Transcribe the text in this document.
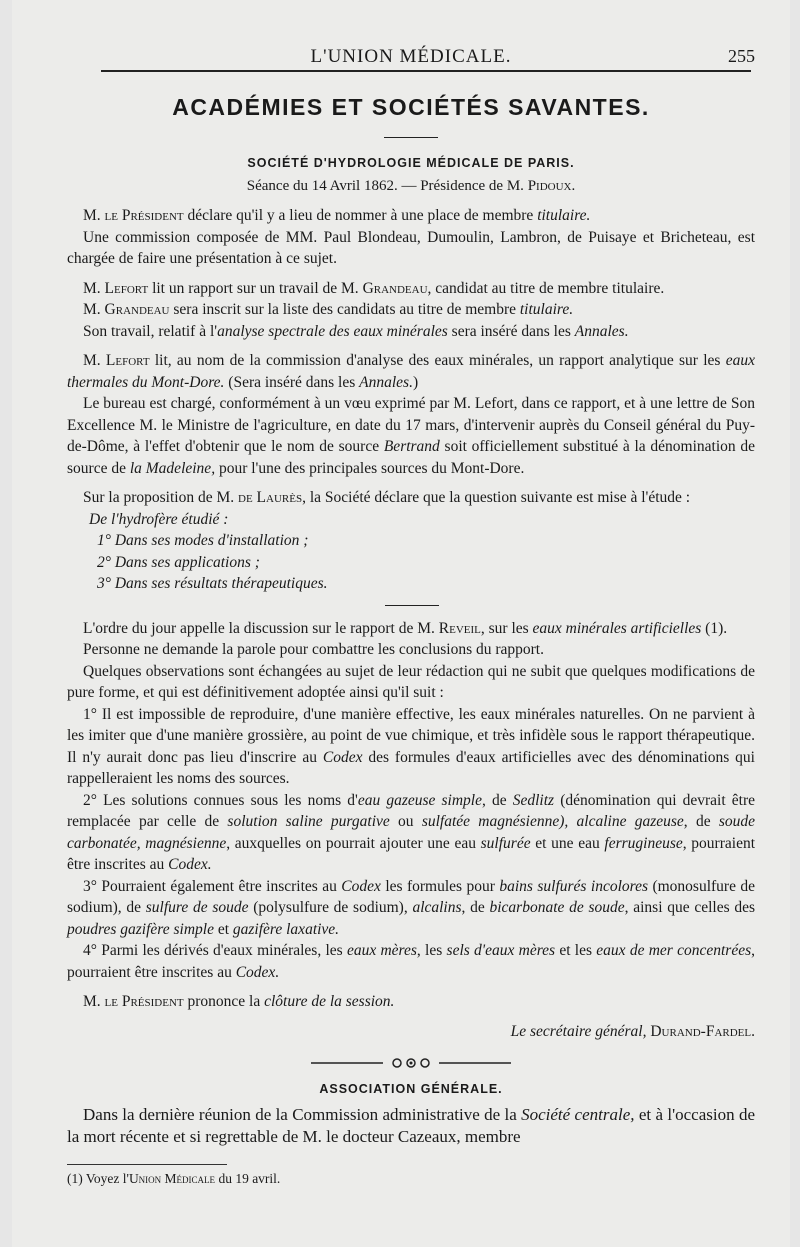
L'UNION MÉDICALE.	255
ACADÉMIES ET SOCIÉTÉS SAVANTES.
SOCIÉTÉ D'HYDROLOGIE MÉDICALE DE PARIS.
Séance du 14 Avril 1862. — Présidence de M. Pidoux.

M. le Président déclare qu'il y a lieu de nommer à une place de membre titulaire.

Une commission composée de MM. Paul Blondeau, Dumoulin, Lambron, de Puisaye et Bricheteau, est chargée de faire une présentation à ce sujet.

M. Lefort lit un rapport sur un travail de M. Grandeau, candidat au titre de membre titulaire.

M. Grandeau sera inscrit sur la liste des candidats au titre de membre titulaire.

Son travail, relatif à l'analyse spectrale des eaux minérales sera inséré dans les Annales.

M. Lefort lit, au nom de la commission d'analyse des eaux minérales, un rapport analytique sur les eaux thermales du Mont-Dore. (Sera inséré dans les Annales.)

Le bureau est chargé, conformément à un vœu exprimé par M. Lefort, dans ce rapport, et à une lettre de Son Excellence M. le Ministre de l'agriculture, en date du 17 mars, d'intervenir auprès du Conseil général du Puy-de-Dôme, à l'effet d'obtenir que le nom de source Bertrand soit officiellement substitué à la dénomination de source de la Madeleine, pour l'une des principales sources du Mont-Dore.

Sur la proposition de M. de Laurès, la Société déclare que la question suivante est mise à l'étude :

De l'hydrofère étudié :
1° Dans ses modes d'installation ;
2° Dans ses applications ;
3° Dans ses résultats thérapeutiques.

L'ordre du jour appelle la discussion sur le rapport de M. Reveil, sur les eaux minérales artificielles (1).

Personne ne demande la parole pour combattre les conclusions du rapport.

Quelques observations sont échangées au sujet de leur rédaction qui ne subit que quelques modifications de pure forme, et qui est définitivement adoptée ainsi qu'il suit :

1° Il est impossible de reproduire, d'une manière effective, les eaux minérales naturelles. On ne parvient à les imiter que d'une manière grossière, au point de vue chimique, et très infidèle sous le rapport thérapeutique. Il n'y aurait donc pas lieu d'inscrire au Codex des formules d'eaux artificielles avec des dénominations qui rappelleraient les noms des sources.

2° Les solutions connues sous les noms d'eau gazeuse simple, de Sedlitz (dénomination qui devrait être remplacée par celle de solution saline purgative ou sulfatée magnésienne), alcaline gazeuse, de soude carbonatée, magnésienne, auxquelles on pourrait ajouter une eau sulfurée et une eau ferrugineuse, pourraient être inscrites au Codex.

3° Pourraient également être inscrites au Codex les formules pour bains sulfurés incolores (monosulfure de sodium), de sulfure de soude (polysulfure de sodium), alcalins, de bicarbonate de soude, ainsi que celles des poudres gazifère simple et gazifère laxative.

4° Parmi les dérivés d'eaux minérales, les eaux mères, les sels d'eaux mères et les eaux de mer concentrées, pourraient être inscrites au Codex.

M. le Président prononce la clôture de la session.

Le secrétaire général, Durand-Fardel.
ASSOCIATION GÉNÉRALE.

Dans la dernière réunion de la Commission administrative de la Société centrale, et à l'occasion de la mort récente et si regrettable de M. le docteur Cazeaux, membre

(1) Voyez l'Union Médicale du 19 avril.
